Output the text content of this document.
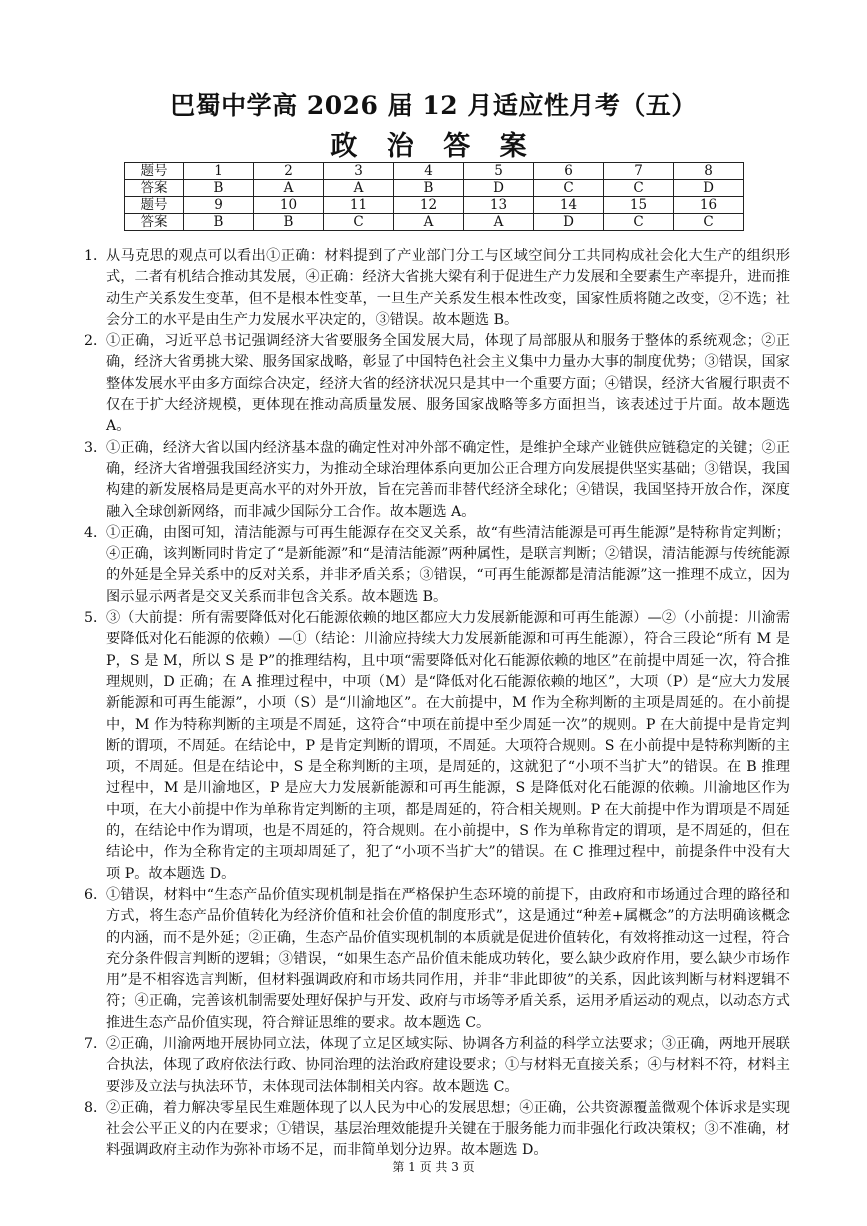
巴蜀中学高 2026 届 12 月适应性月考（五）
政 治 答 案
题号	1	2	3	4	5	6	7	8
答案	B	A	A	B	D	C	C	D
题号	9	10	11	12	13	14	15	16
答案	B	B	C	A	A	D	C	C
1．
从马克思的观点可以看出①正确：材料提到了产业部门分工与区域空间分工共同构成社会化大生产的组织形式，二者有机结合推动其发展，④正确：经济大省挑大梁有利于促进生产力发展和全要素生产率提升，进而推动生产关系发生变革，但不是根本性变革，一旦生产关系发生根本性改变，国家性质将随之改变，②不选；社会分工的水平是由生产力发展水平决定的，③错误。故本题选 B。
2．
①正确，习近平总书记强调经济大省要服务全国发展大局，体现了局部服从和服务于整体的系统观念；②正确，经济大省勇挑大梁、服务国家战略，彰显了中国特色社会主义集中力量办大事的制度优势；③错误，国家整体发展水平由多方面综合决定，经济大省的经济状况只是其中一个重要方面；④错误，经济大省履行职责不仅在于扩大经济规模，更体现在推动高质量发展、服务国家战略等多方面担当，该表述过于片面。故本题选 A。
3．
①正确，经济大省以国内经济基本盘的确定性对冲外部不确定性，是维护全球产业链供应链稳定的关键；②正确，经济大省增强我国经济实力，为推动全球治理体系向更加公正合理方向发展提供坚实基础；③错误，我国构建的新发展格局是更高水平的对外开放，旨在完善而非替代经济全球化；④错误，我国坚持开放合作，深度融入全球创新网络，而非减少国际分工合作。故本题选 A。
4．
①正确，由图可知，清洁能源与可再生能源存在交叉关系，故“有些清洁能源是可再生能源”是特称肯定判断；④正确，该判断同时肯定了“是新能源”和“是清洁能源”两种属性，是联言判断；②错误，清洁能源与传统能源的外延是全异关系中的反对关系，并非矛盾关系；③错误，“可再生能源都是清洁能源”这一推理不成立，因为图示显示两者是交叉关系而非包含关系。故本题选 B。
5．
③（大前提：所有需要降低对化石能源依赖的地区都应大力发展新能源和可再生能源）—②（小前提：川渝需要降低对化石能源的依赖）—①（结论：川渝应持续大力发展新能源和可再生能源），符合三段论“所有 M 是 P，S 是 M，所以 S 是 P”的推理结构，且中项“需要降低对化石能源依赖的地区”在前提中周延一次，符合推理规则，D 正确；在 A 推理过程中，中项（M）是“降低对化石能源依赖的地区”，大项（P）是“应大力发展新能源和可再生能源”，小项（S）是“川渝地区”。在大前提中，M 作为全称判断的主项是周延的。在小前提中，M 作为特称判断的主项是不周延，这符合“中项在前提中至少周延一次”的规则。P 在大前提中是肯定判断的谓项，不周延。在结论中，P 是肯定判断的谓项，不周延。大项符合规则。S 在小前提中是特称判断的主项，不周延。但是在结论中，S 是全称判断的主项，是周延的，这就犯了“小项不当扩大”的错误。在 B 推理过程中，M 是川渝地区，P 是应大力发展新能源和可再生能源，S 是降低对化石能源的依赖。川渝地区作为中项，在大小前提中作为单称肯定判断的主项，都是周延的，符合相关规则。P 在大前提中作为谓项是不周延的，在结论中作为谓项，也是不周延的，符合规则。在小前提中，S 作为单称肯定的谓项，是不周延的，但在结论中，作为全称肯定的主项却周延了，犯了“小项不当扩大”的错误。在 C 推理过程中，前提条件中没有大项 P。故本题选 D。
6．
①错误，材料中“生态产品价值实现机制是指在严格保护生态环境的前提下，由政府和市场通过合理的路径和方式，将生态产品价值转化为经济价值和社会价值的制度形式”，这是通过“种差+属概念”的方法明确该概念的内涵，而不是外延；②正确，生态产品价值实现机制的本质就是促进价值转化，有效将推动这一过程，符合充分条件假言判断的逻辑；③错误，“如果生态产品价值未能成功转化，要么缺少政府作用，要么缺少市场作用”是不相容选言判断，但材料强调政府和市场共同作用，并非“非此即彼”的关系，因此该判断与材料逻辑不符；④正确，完善该机制需要处理好保护与开发、政府与市场等矛盾关系，运用矛盾运动的观点，以动态方式推进生态产品价值实现，符合辩证思维的要求。故本题选 C。
7．
②正确，川渝两地开展协同立法，体现了立足区域实际、协调各方利益的科学立法要求；③正确，两地开展联合执法，体现了政府依法行政、协同治理的法治政府建设要求；①与材料无直接关系；④与材料不符，材料主要涉及立法与执法环节，未体现司法体制相关内容。故本题选 C。
8．
②正确，着力解决零星民生难题体现了以人民为中心的发展思想；④正确，公共资源覆盖微观个体诉求是实现社会公平正义的内在要求；①错误，基层治理效能提升关键在于服务能力而非强化行政决策权；③不准确，材料强调政府主动作为弥补市场不足，而非简单划分边界。故本题选 D。
第 1 页 共 3 页
